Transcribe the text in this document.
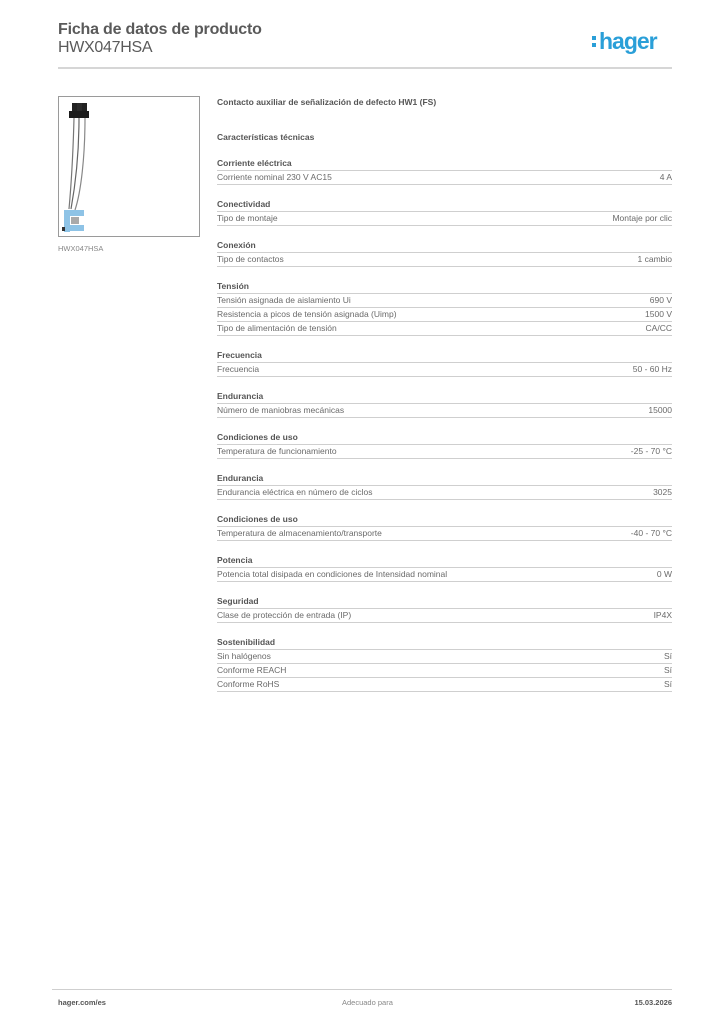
Ficha de datos de producto
HWX047HSA	hager
HWX047HSA
Contacto auxiliar de señalización de defecto HW1 (FS)
Características técnicas
Corriente eléctrica
Corriente nominal 230 V AC15	4 A
Conectividad
Tipo de montaje	Montaje por clic
Conexión
Tipo de contactos	1 cambio
Tensión
Tensión asignada de aislamiento Ui	690 V
Resistencia a picos de tensión asignada (Uimp)	1500 V
Tipo de alimentación de tensión	CA/CC
Frecuencia
Frecuencia	50 - 60 Hz
Endurancia
Número de maniobras mecánicas	15000
Condiciones de uso
Temperatura de funcionamiento	-25 - 70 °C
Endurancia
Endurancia eléctrica en número de ciclos	3025
Condiciones de uso
Temperatura de almacenamiento/transporte	-40 - 70 °C
Potencia
Potencia total disipada en condiciones de Intensidad nominal	0 W
Seguridad
Clase de protección de entrada (IP)	IP4X
Sostenibilidad
Sin halógenos	Sí
Conforme REACH	Sí
Conforme RoHS	Sí
hager.com/es	Adecuado para	15.03.2026
